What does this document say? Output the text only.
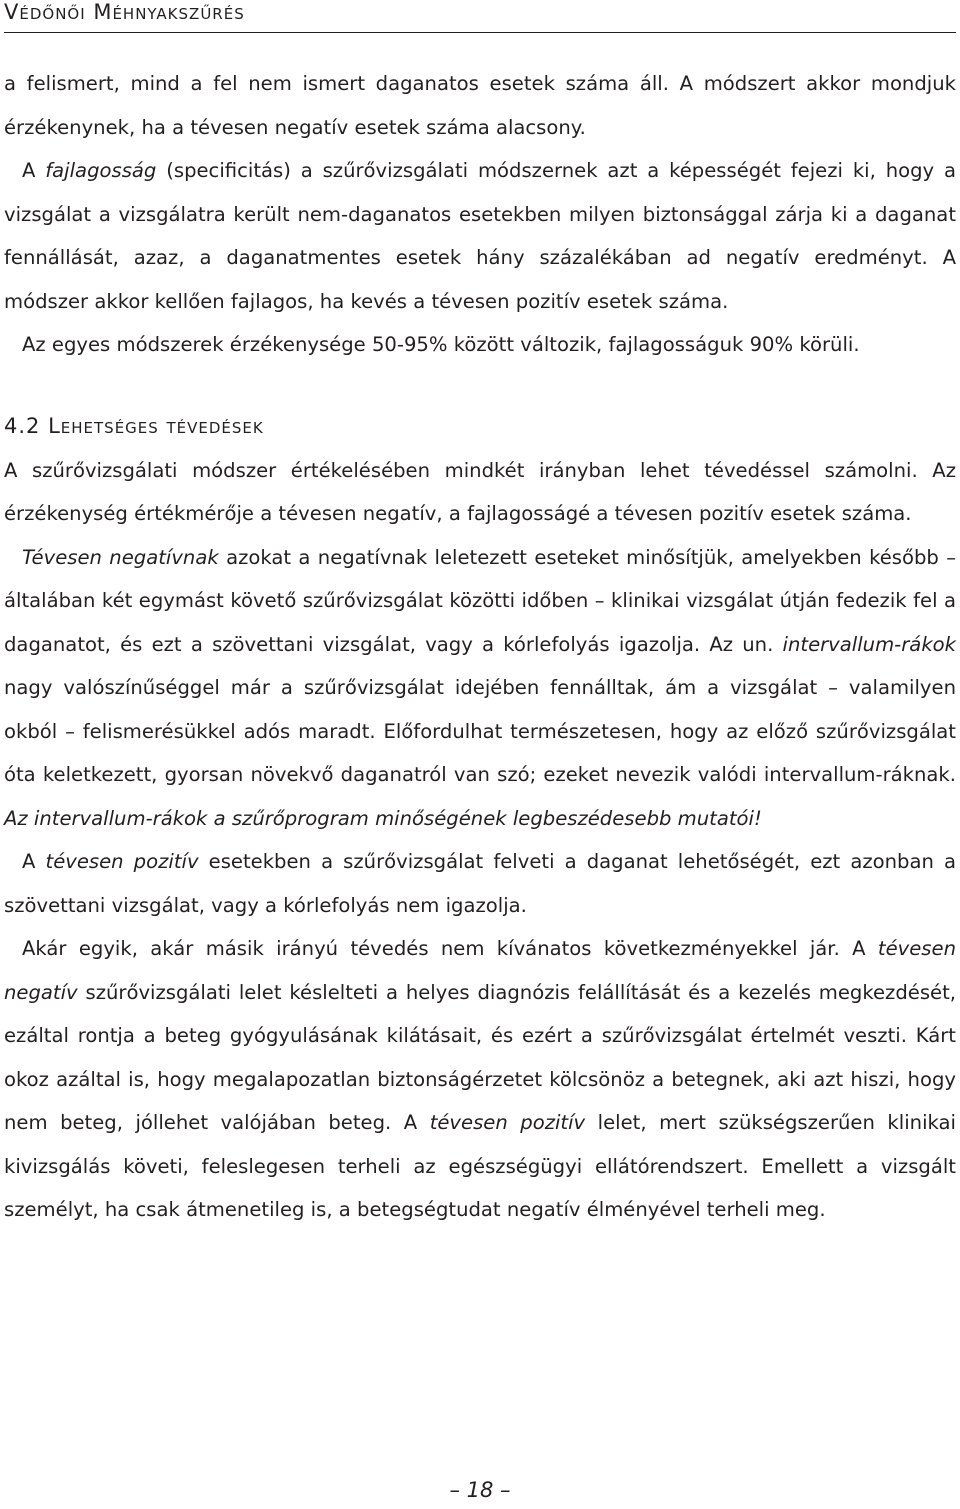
Védőnői Méhnyakszűrés

a felismert, mind a fel nem ismert daganatos esetek száma áll. A módszert akkor mondjuk érzékenynek, ha a tévesen negatív esetek száma alacsony.

A fajlagosság (specificitás) a szűrővizsgálati módszernek azt a képességét fejezi ki, hogy a vizsgálat a vizsgálatra került nem-daganatos esetekben milyen biztonsággal zárja ki a daganat fennállását, azaz, a daganatmentes esetek hány százalékában ad negatív eredményt. A módszer akkor kellően fajlagos, ha kevés a tévesen pozitív esetek száma.

Az egyes módszerek érzékenysége 50-95% között változik, fajlagosságuk 90% körüli.

4.2 Lehetséges tévedések

A szűrővizsgálati módszer értékelésében mindkét irányban lehet tévedéssel számolni. Az érzékenység értékmérője a tévesen negatív, a fajlagosságé a tévesen pozitív esetek száma.

Tévesen negatívnak azokat a negatívnak leletezett eseteket minősítjük, amelyekben később – általában két egymást követő szűrővizsgálat közötti időben – klinikai vizsgálat útján fedezik fel a daganatot, és ezt a szövettani vizsgálat, vagy a kórlefolyás igazolja. Az un. intervallum-rákok nagy valószínűséggel már a szűrővizsgálat idejében fennálltak, ám a vizsgálat – valamilyen okból – felismerésükkel adós maradt. Előfordulhat természetesen, hogy az előző szűrővizsgálat óta keletkezett, gyorsan növekvő daganatról van szó; ezeket nevezik valódi intervallum-ráknak. Az intervallum-rákok a szűrőprogram minőségének legbeszédesebb mutatói!

A tévesen pozitív esetekben a szűrővizsgálat felveti a daganat lehetőségét, ezt azonban a szövettani vizsgálat, vagy a kórlefolyás nem igazolja.

Akár egyik, akár másik irányú tévedés nem kívánatos következményekkel jár. A tévesen negatív szűrővizsgálati lelet késlelteti a helyes diagnózis felállítását és a kezelés megkezdését, ezáltal rontja a beteg gyógyulásának kilátásait, és ezért a szűrővizsgálat értelmét veszti. Kárt okoz azáltal is, hogy megalapozatlan biztonságérzetet kölcsönöz a betegnek, aki azt hiszi, hogy nem beteg, jóllehet valójában beteg. A tévesen pozitív lelet, mert szükségszerűen klinikai kivizsgálás követi, feleslegesen terheli az egészségügyi ellátórendszert. Emellett a vizsgált személyt, ha csak átmenetileg is, a betegségtudat negatív élményével terheli meg.

– 18 –
